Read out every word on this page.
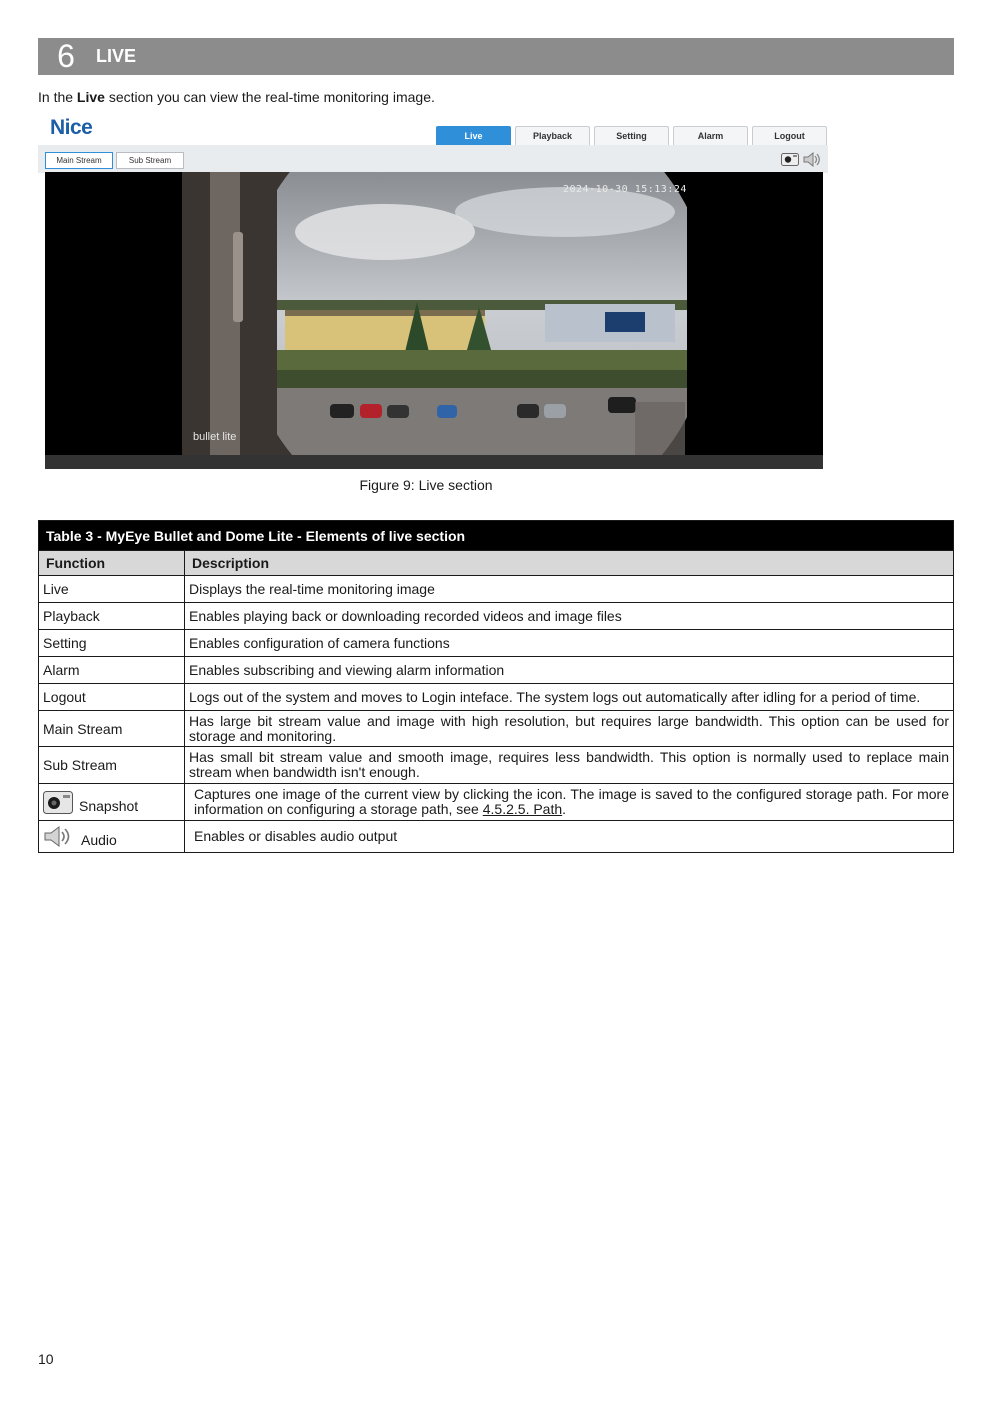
6	LIVE
In the Live section you can view the real-time monitoring image.
Nice	Live	Playback	Setting	Alarm	Logout
Main Stream	Sub Stream
bullet lite
2024-10-30 15:13:24
Figure 9: Live section
Table 3 - MyEye Bullet and Dome Lite - Elements of live section	
Function	Description
Live	Displays the real-time monitoring image
Playback	Enables playing back or downloading recorded videos and image files
Setting	Enables configuration of camera functions
Alarm	Enables subscribing and viewing alarm information
Logout	Logs out of the system and moves to Login inteface. The system logs out automatically after idling for a period of time.
Main Stream	Has large bit stream value and image with high resolution, but requires large bandwidth. This option can be used for storage and monitoring.
Sub Stream	Has small bit stream value and smooth image, requires less bandwidth. This option is normally used to replace main stream when bandwidth isn't enough.

Snapshot	Captures one image of the current view by clicking the icon. The image is saved to the configured storage path. For more information on configuring a storage path, see 4.5.2.5. Path.

Audio	Enables or disables audio output
10
